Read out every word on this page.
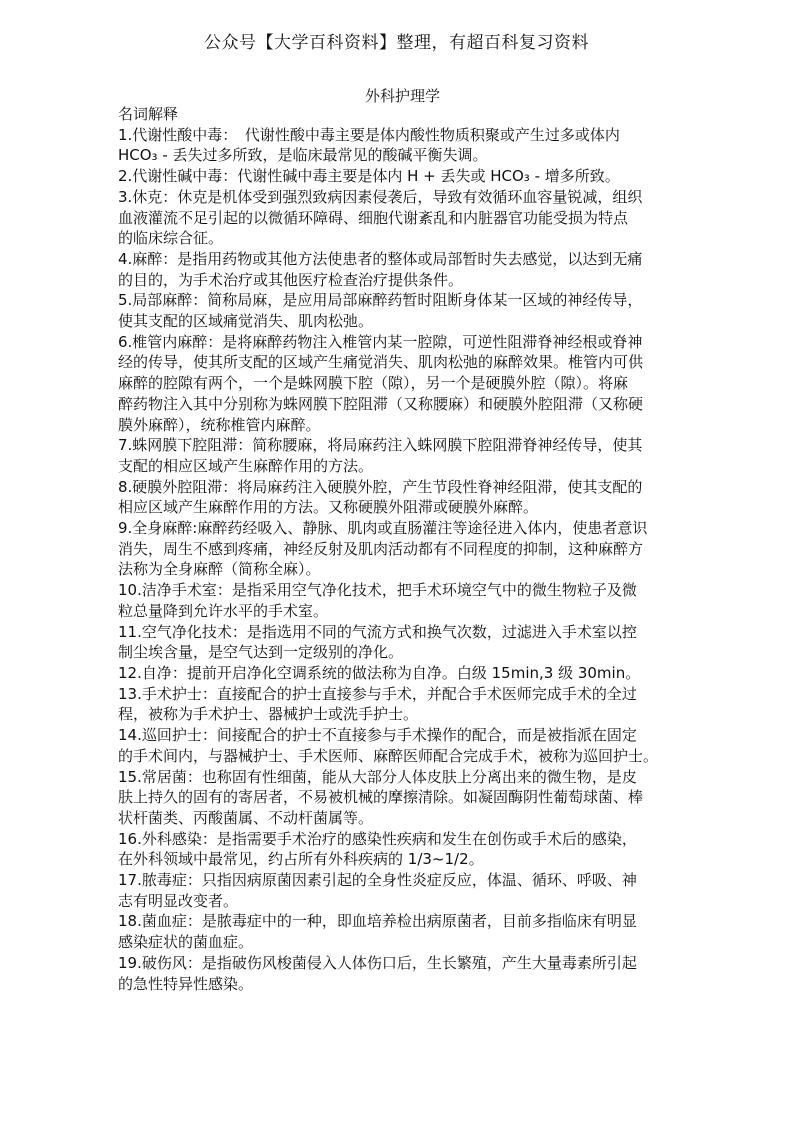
公众号【大学百科资料】整理，有超百科复习资料
外科护理学
名词解释
1.代谢性酸中毒：　代谢性酸中毒主要是体内酸性物质积聚或产生过多或体内
HCO₃ - 丢失过多所致，是临床最常见的酸碱平衡失调。
2.代谢性碱中毒：代谢性碱中毒主要是体内 H + 丢失或 HCO₃ - 增多所致。
3.休克：休克是机体受到强烈致病因素侵袭后，导致有效循环血容量锐减，组织
血液灌流不足引起的以微循环障碍、细胞代谢紊乱和内脏器官功能受损为特点
的临床综合征。
4.麻醉：是指用药物或其他方法使患者的整体或局部暂时失去感觉，以达到无痛
的目的，为手术治疗或其他医疗检查治疗提供条件。
5.局部麻醉：简称局麻，是应用局部麻醉药暂时阻断身体某一区域的神经传导，
使其支配的区域痛觉消失、肌肉松弛。
6.椎管内麻醉：是将麻醉药物注入椎管内某一腔隙，可逆性阻滞脊神经根或脊神
经的传导，使其所支配的区域产生痛觉消失、肌肉松弛的麻醉效果。椎管内可供
麻醉的腔隙有两个，一个是蛛网膜下腔（隙），另一个是硬膜外腔（隙）。将麻
醉药物注入其中分别称为蛛网膜下腔阻滞（又称腰麻）和硬膜外腔阻滞（又称硬
膜外麻醉），统称椎管内麻醉。
7.蛛网膜下腔阻滞：简称腰麻，将局麻药注入蛛网膜下腔阻滞脊神经传导，使其
支配的相应区域产生麻醉作用的方法。
8.硬膜外腔阻滞：将局麻药注入硬膜外腔，产生节段性脊神经阻滞，使其支配的
相应区域产生麻醉作用的方法。又称硬膜外阻滞或硬膜外麻醉。
9.全身麻醉:麻醉药经吸入、静脉、肌肉或直肠灌注等途径进入体内，使患者意识
消失，周生不感到疼痛，神经反射及肌肉活动都有不同程度的抑制，这种麻醉方
法称为全身麻醉（简称全麻）。
10.洁净手术室：是指采用空气净化技术，把手术环境空气中的微生物粒子及微
粒总量降到允许水平的手术室。
11.空气净化技术：是指选用不同的气流方式和换气次数，过滤进入手术室以控
制尘埃含量，是空气达到一定级别的净化。
12.自净：提前开启净化空调系统的做法称为自净。白级 15min,3 级 30min。
13.手术护士：直接配合的护士直接参与手术，并配合手术医师完成手术的全过
程，被称为手术护士、器械护士或洗手护士。
14.巡回护士：间接配合的护士不直接参与手术操作的配合，而是被指派在固定
的手术间内，与器械护士、手术医师、麻醉医师配合完成手术，被称为巡回护士。
15.常居菌：也称固有性细菌，能从大部分人体皮肤上分离出来的微生物，是皮
肤上持久的固有的寄居者，不易被机械的摩擦清除。如凝固酶阴性葡萄球菌、棒
状杆菌类、丙酸菌属、不动杆菌属等。
16.外科感染：是指需要手术治疗的感染性疾病和发生在创伤或手术后的感染，
在外科领域中最常见，约占所有外科疾病的 1/3~1/2。
17.脓毒症：只指因病原菌因素引起的全身性炎症反应，体温、循环、呼吸、神
志有明显改变者。
18.菌血症：是脓毒症中的一种，即血培养检出病原菌者，目前多指临床有明显
感染症状的菌血症。
19.破伤风：是指破伤风梭菌侵入人体伤口后，生长繁殖，产生大量毒素所引起
的急性特异性感染。
